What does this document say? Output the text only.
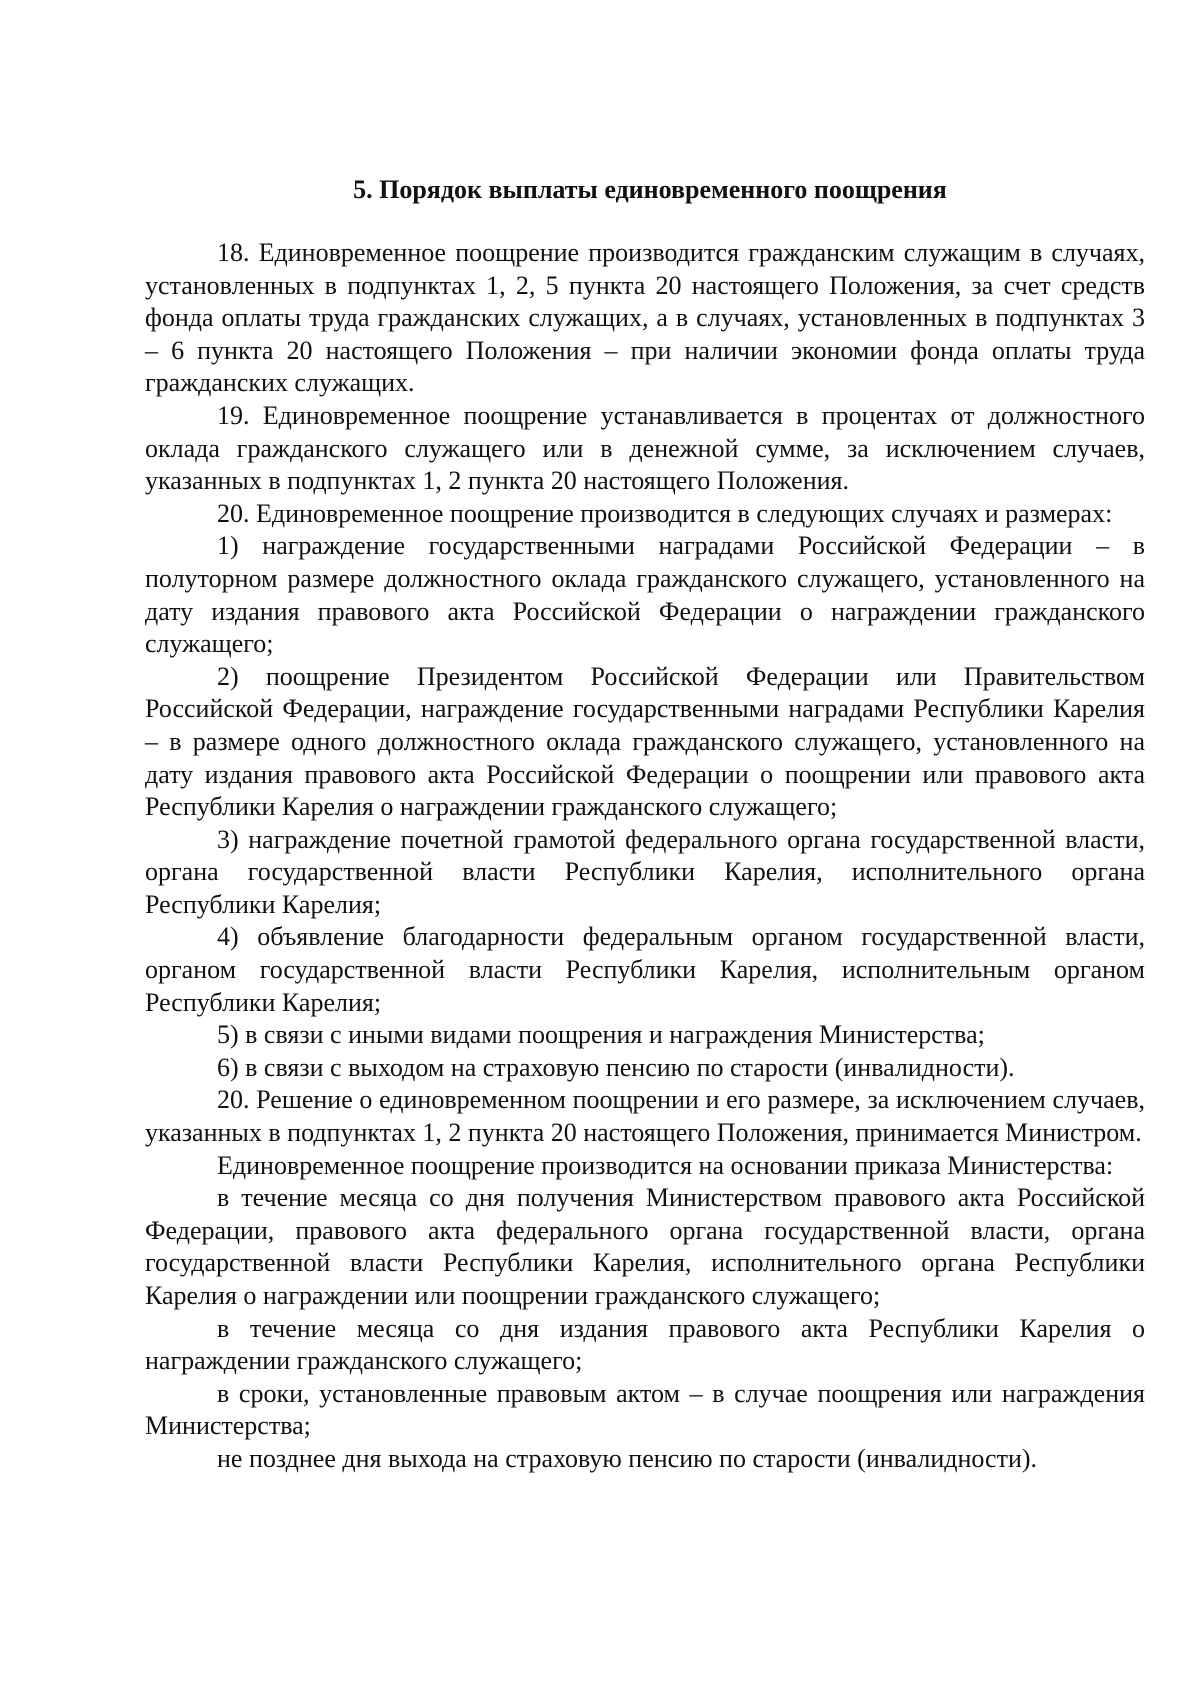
5. Порядок выплаты единовременного поощрения

18. Единовременное поощрение производится гражданским служащим в случаях, установленных в подпунктах 1, 2, 5 пункта 20 настоящего Положения, за счет средств фонда оплаты труда гражданских служащих, а в случаях, установленных в подпунктах 3 – 6 пункта 20 настоящего Положения – при наличии экономии фонда оплаты труда гражданских служащих.

19. Единовременное поощрение устанавливается в процентах от должностного оклада гражданского служащего или в денежной сумме, за исключением случаев, указанных в подпунктах 1, 2 пункта 20 настоящего Положения.

20. Единовременное поощрение производится в следующих случаях и размерах:

1) награждение государственными наградами Российской Федерации – в полуторном размере должностного оклада гражданского служащего, установленного на дату издания правового акта Российской Федерации о награждении гражданского служащего;

2) поощрение Президентом Российской Федерации или Правительством Российской Федерации, награждение государственными наградами Республики Карелия – в размере одного должностного оклада гражданского служащего, установленного на дату издания правового акта Российской Федерации о поощрении или правового акта Республики Карелия о награждении гражданского служащего;

3) награждение почетной грамотой федерального органа государственной власти, органа государственной власти Республики Карелия, исполнительного органа Республики Карелия;

4) объявление благодарности федеральным органом государственной власти, органом государственной власти Республики Карелия, исполнительным органом Республики Карелия;

5) в связи с иными видами поощрения и награждения Министерства;

6) в связи с выходом на страховую пенсию по старости (инвалидности).

20. Решение о единовременном поощрении и его размере, за исключением случаев, указанных в подпунктах 1, 2 пункта 20 настоящего Положения, принимается Министром.

Единовременное поощрение производится на основании приказа Министерства:

в течение месяца со дня получения Министерством правового акта Российской Федерации, правового акта федерального органа государственной власти, органа государственной власти Республики Карелия, исполнительного органа Республики Карелия о награждении или поощрении гражданского служащего;

в течение месяца со дня издания правового акта Республики Карелия о награждении гражданского служащего;

в сроки, установленные правовым актом – в случае поощрения или награждения Министерства;

не позднее дня выхода на страховую пенсию по старости (инвалидности).
